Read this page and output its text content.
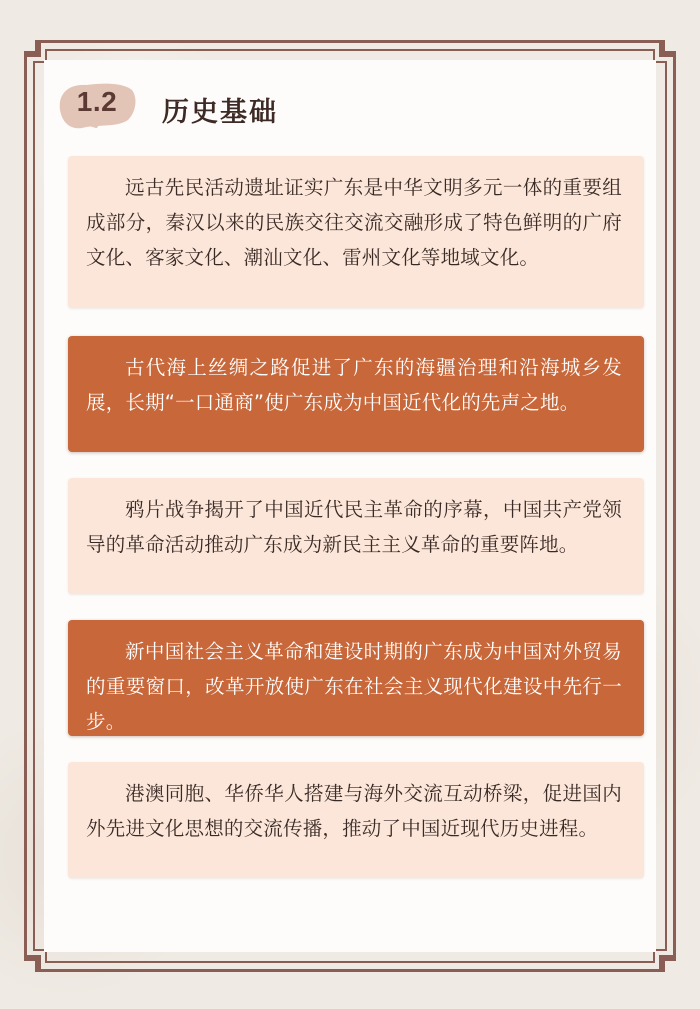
1.2	历史基础
远古先民活动遗址证实广东是中华文明多元一体的重要组成部分，秦汉以来的民族交往交流交融形成了特色鲜明的广府文化、客家文化、潮汕文化、雷州文化等地域文化。
古代海上丝绸之路促进了广东的海疆治理和沿海城乡发展，长期“一口通商”使广东成为中国近代化的先声之地。
鸦片战争揭开了中国近代民主革命的序幕，中国共产党领导的革命活动推动广东成为新民主主义革命的重要阵地。
新中国社会主义革命和建设时期的广东成为中国对外贸易的重要窗口，改革开放使广东在社会主义现代化建设中先行一步。
港澳同胞、华侨华人搭建与海外交流互动桥梁，促进国内外先进文化思想的交流传播，推动了中国近现代历史进程。
